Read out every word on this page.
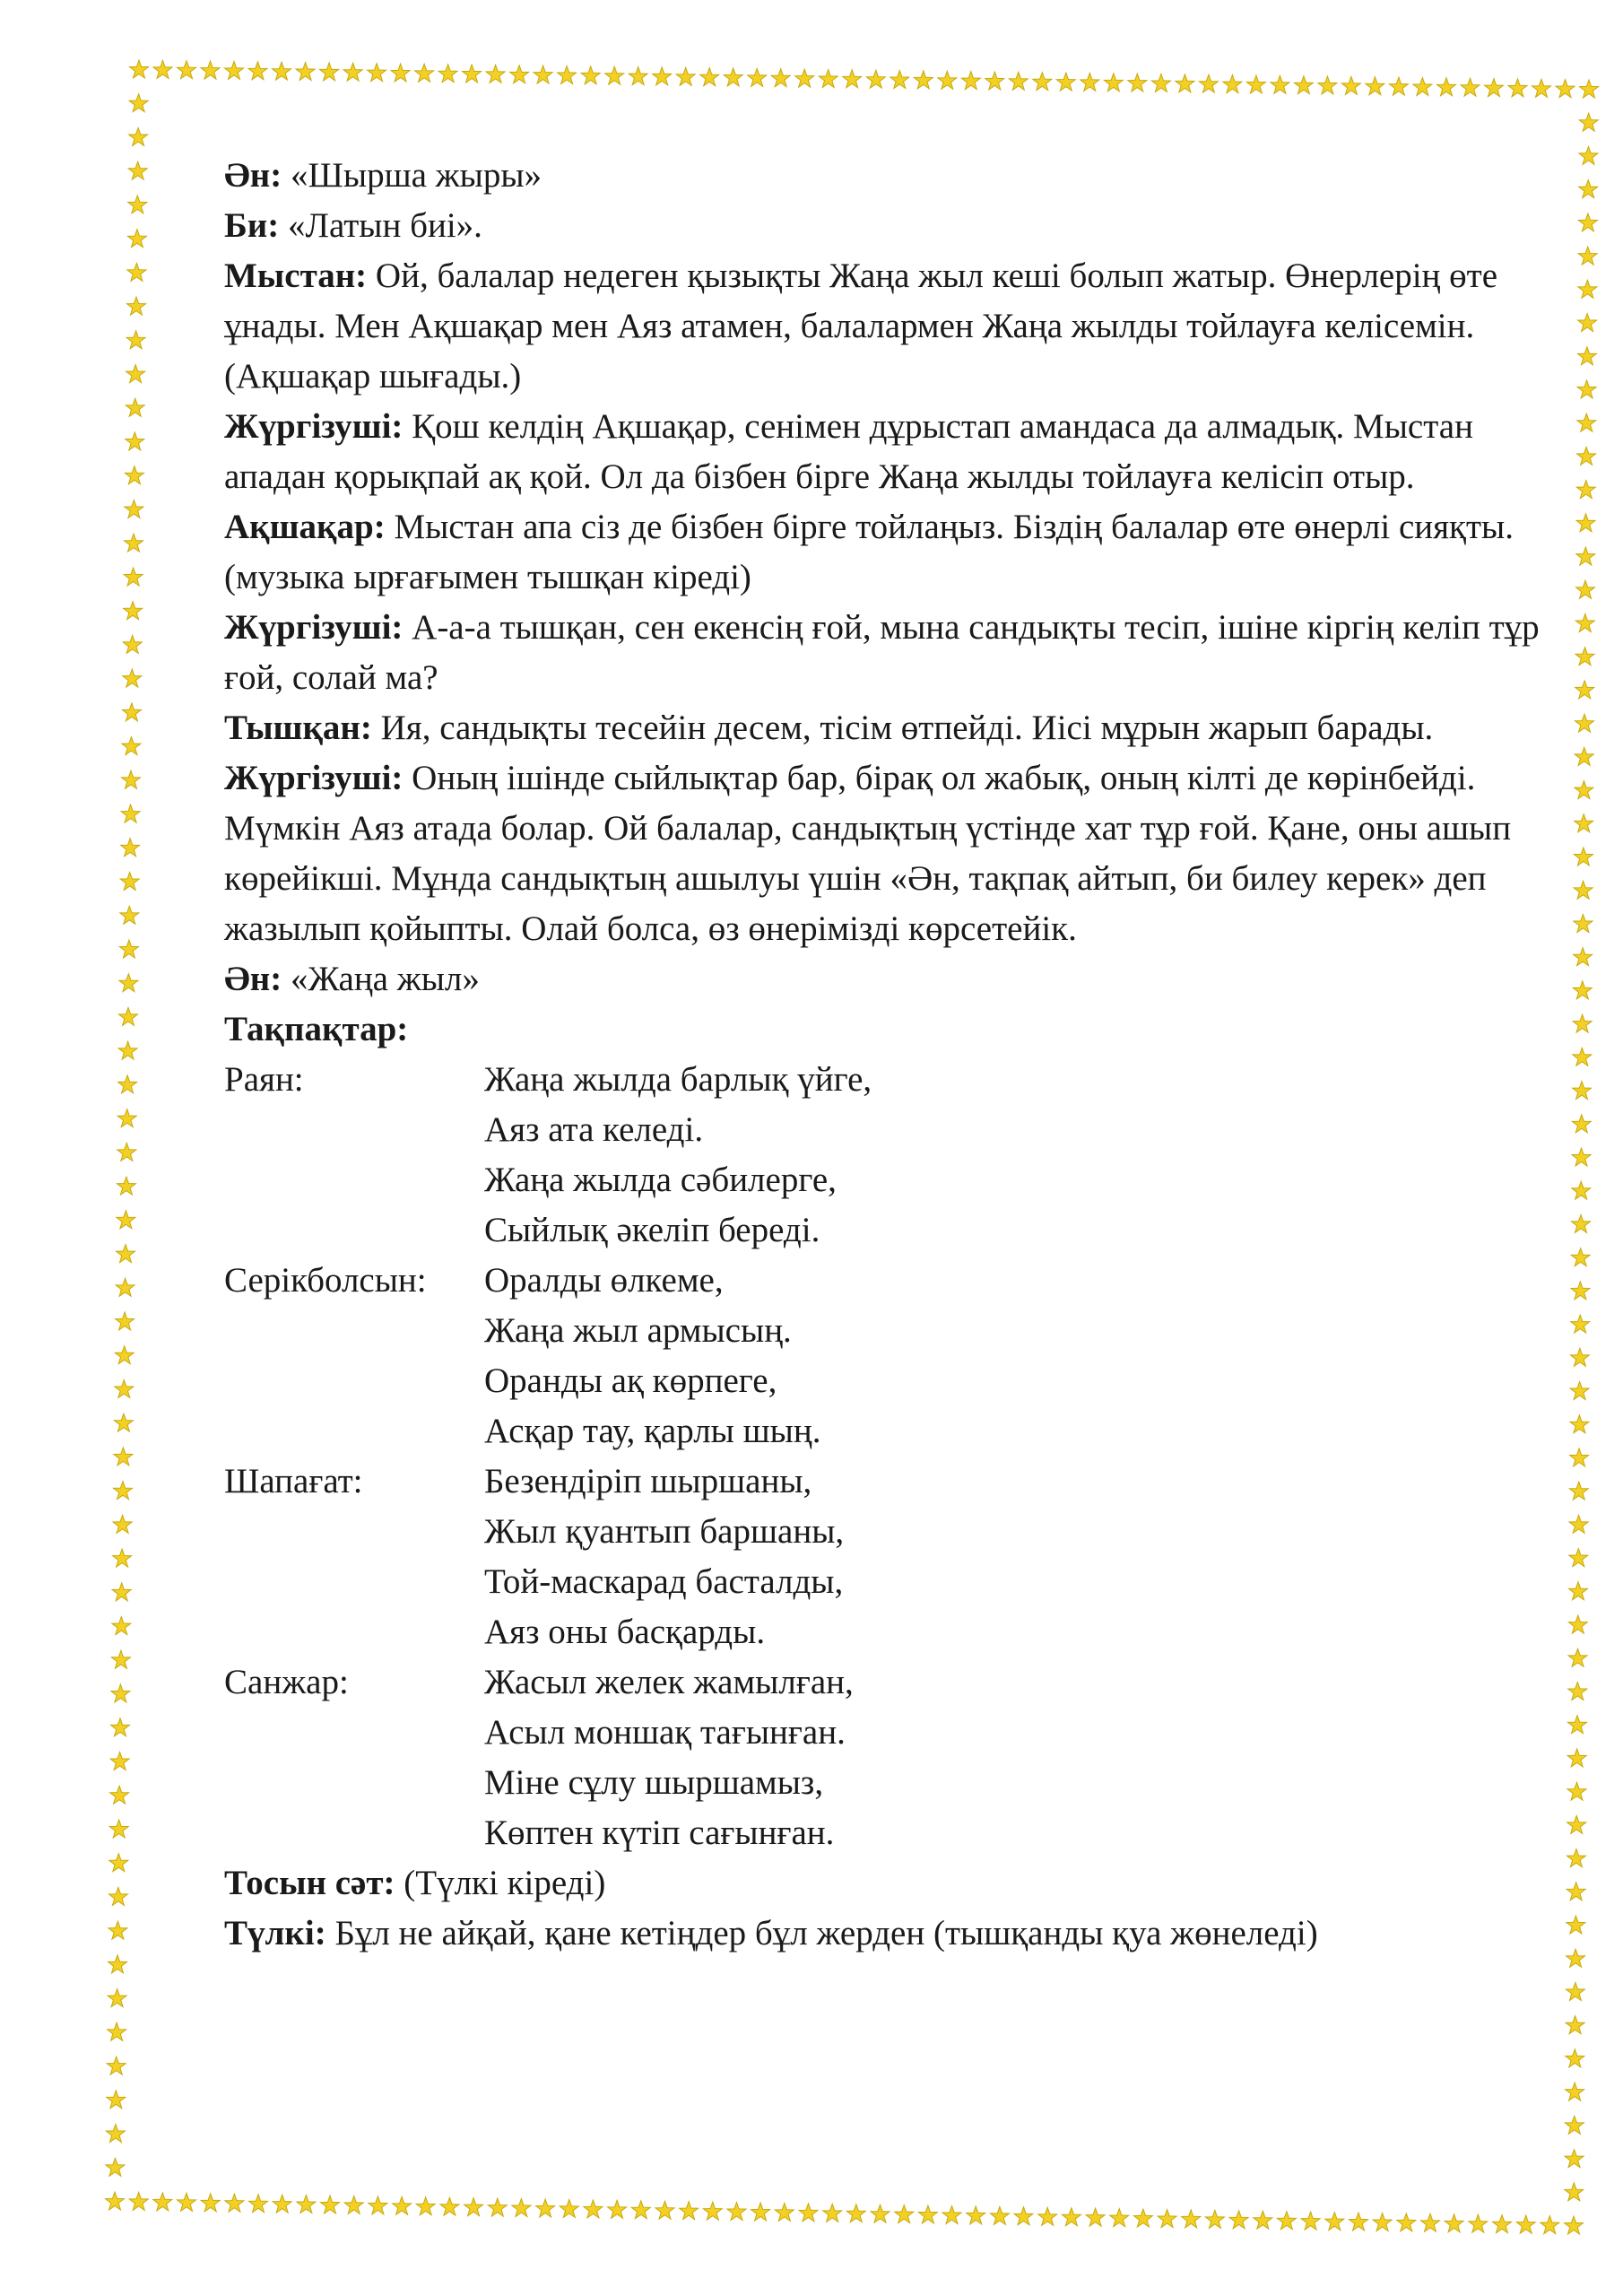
Ән: «Шырша жыры»

Би: «Латын биі».

Мыстан: Ой, балалар недеген қызықты Жаңа жыл кеші болып жатыр. Өнерлерің өте ұнады. Мен Ақшақар мен Аяз атамен, балалармен Жаңа жылды тойлауға келісемін.

(Ақшақар шығады.)

Жүргізуші: Қош келдің Ақшақар, сенімен дұрыстап амандаса да алмадық. Мыстан ападан қорықпай ақ қой. Ол да бізбен бірге Жаңа жылды тойлауға келісіп отыр.

Ақшақар: Мыстан апа сіз де бізбен бірге тойлаңыз. Біздің балалар өте өнерлі сияқты. (музыка ырғағымен тышқан кіреді)

Жүргізуші: А-а-а тышқан, сен екенсің ғой, мына сандықты тесіп, ішіне кіргің келіп тұр ғой, солай ма?

Тышқан: Ия, сандықты тесейін десем, тісім өтпейді. Иісі мұрын жарып барады.

Жүргізуші: Оның ішінде сыйлықтар бар, бірақ ол жабық, оның кілті де көрінбейді. Мүмкін Аяз атада болар. Ой балалар, сандықтың үстінде хат тұр ғой. Қане, оны ашып көрейікші. Мұнда сандықтың ашылуы үшін «Ән, тақпақ айтып, би билеу керек» деп жазылып қойыпты. Олай болса, өз өнерімізді көрсетейік.

Ән: «Жаңа жыл»

Тақпақтар:

Раян:	Жаңа жылда барлық үйге,
Аяз ата келеді.
Жаңа жылда сәбилерге,
Сыйлық әкеліп береді.
Серікболсын: Оралды өлкеме,
Жаңа жыл армысың.
Оранды ақ көрпеге,
Асқар тау, қарлы шың.
Шапағат:	Безендіріп шыршаны,
Жыл қуантып баршаны,
Той-маскарад басталды,
Аяз оны басқарды.
Санжар:	Жасыл желек жамылған,
Асыл моншақ тағынған.
Міне сұлу шыршамыз,
Көптен күтіп сағынған.

Тосын сәт: (Түлкі кіреді)

Түлкі: Бұл не айқай, қане кетіңдер бұл жерден (тышқанды қуа жөнеледі)
